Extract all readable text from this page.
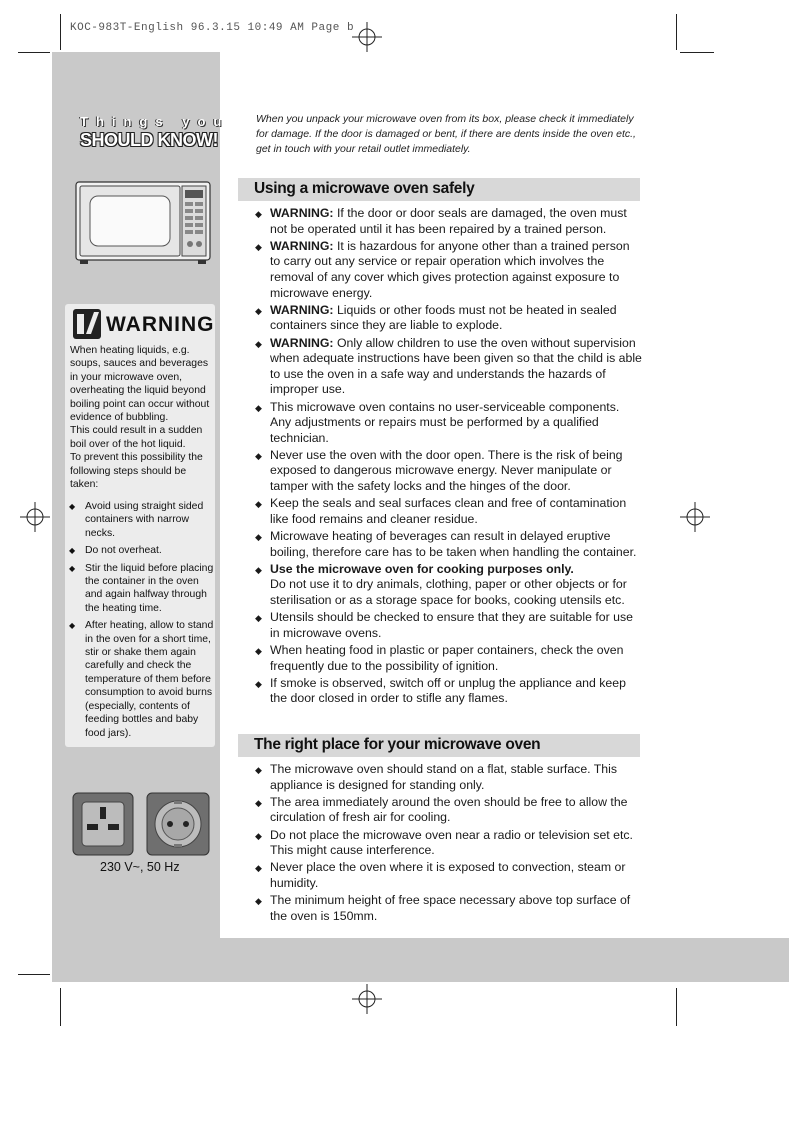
KOC-983T-English 96.3.15 10:49 AM Page b
Things you
SHOULD KNOW!
WARNING
When heating liquids, e.g. soups, sauces and beverages in your microwave oven, overheating the liquid beyond boiling point can occur without evidence of bubbling.
This could result in a sudden boil over of the hot liquid.
To prevent this possibility the following steps should be taken:
◆ Avoid using straight sided containers with narrow necks.
◆ Do not overheat.
◆ Stir the liquid before placing the container in the oven and again halfway through the heating time.
◆ After heating, allow to stand in the oven for a short time, stir or shake them again carefully and check the temperature of them before consumption to avoid burns (especially, contents of feeding bottles and baby food jars).
230 V~, 50 Hz
When you unpack your microwave oven from its box, please check it immediately for damage. If the door is damaged or bent, if there are dents inside the oven etc., get in touch with your retail outlet immediately.
Using a microwave oven safely
◆ WARNING: If the door or door seals are damaged, the oven must not be operated until it has been repaired by a trained person.
◆ WARNING: It is hazardous for anyone other than a trained person to carry out any service or repair operation which involves the removal of any cover which gives protection against exposure to microwave energy.
◆ WARNING: Liquids or other foods must not be heated in sealed containers since they are liable to explode.
◆ WARNING: Only allow children to use the oven without supervision when adequate instructions have been given so that the child is able to use the oven in a safe way and understands the hazards of improper use.
◆ This microwave oven contains no user-serviceable components. Any adjustments or repairs must be performed by a qualified technician.
◆ Never use the oven with the door open. There is the risk of being exposed to dangerous microwave energy. Never manipulate or tamper with the safety locks and the hinges of the door.
◆ Keep the seals and seal surfaces clean and free of contamination like food remains and cleaner residue.
◆ Microwave heating of beverages can result in delayed eruptive boiling, therefore care has to be taken when handling the container.
◆ Use the microwave oven for cooking purposes only.
Do not use it to dry animals, clothing, paper or other objects or for sterilisation or as a storage space for books, cooking utensils etc.
◆ Utensils should be checked to ensure that they are suitable for use in microwave ovens.
◆ When heating food in plastic or paper containers, check the oven frequently due to the possibility of ignition.
◆ If smoke is observed, switch off or unplug the appliance and keep the door closed in order to stifle any flames.
The right place for your microwave oven
◆ The microwave oven should stand on a flat, stable surface. This appliance is designed for standing only.
◆ The area immediately around the oven should be free to allow the circulation of fresh air for cooling.
◆ Do not place the microwave oven near a radio or television set etc. This might cause interference.
◆ Never place the oven where it is exposed to convection, steam or humidity.
◆ The minimum height of free space necessary above top surface of the oven is 150mm.
